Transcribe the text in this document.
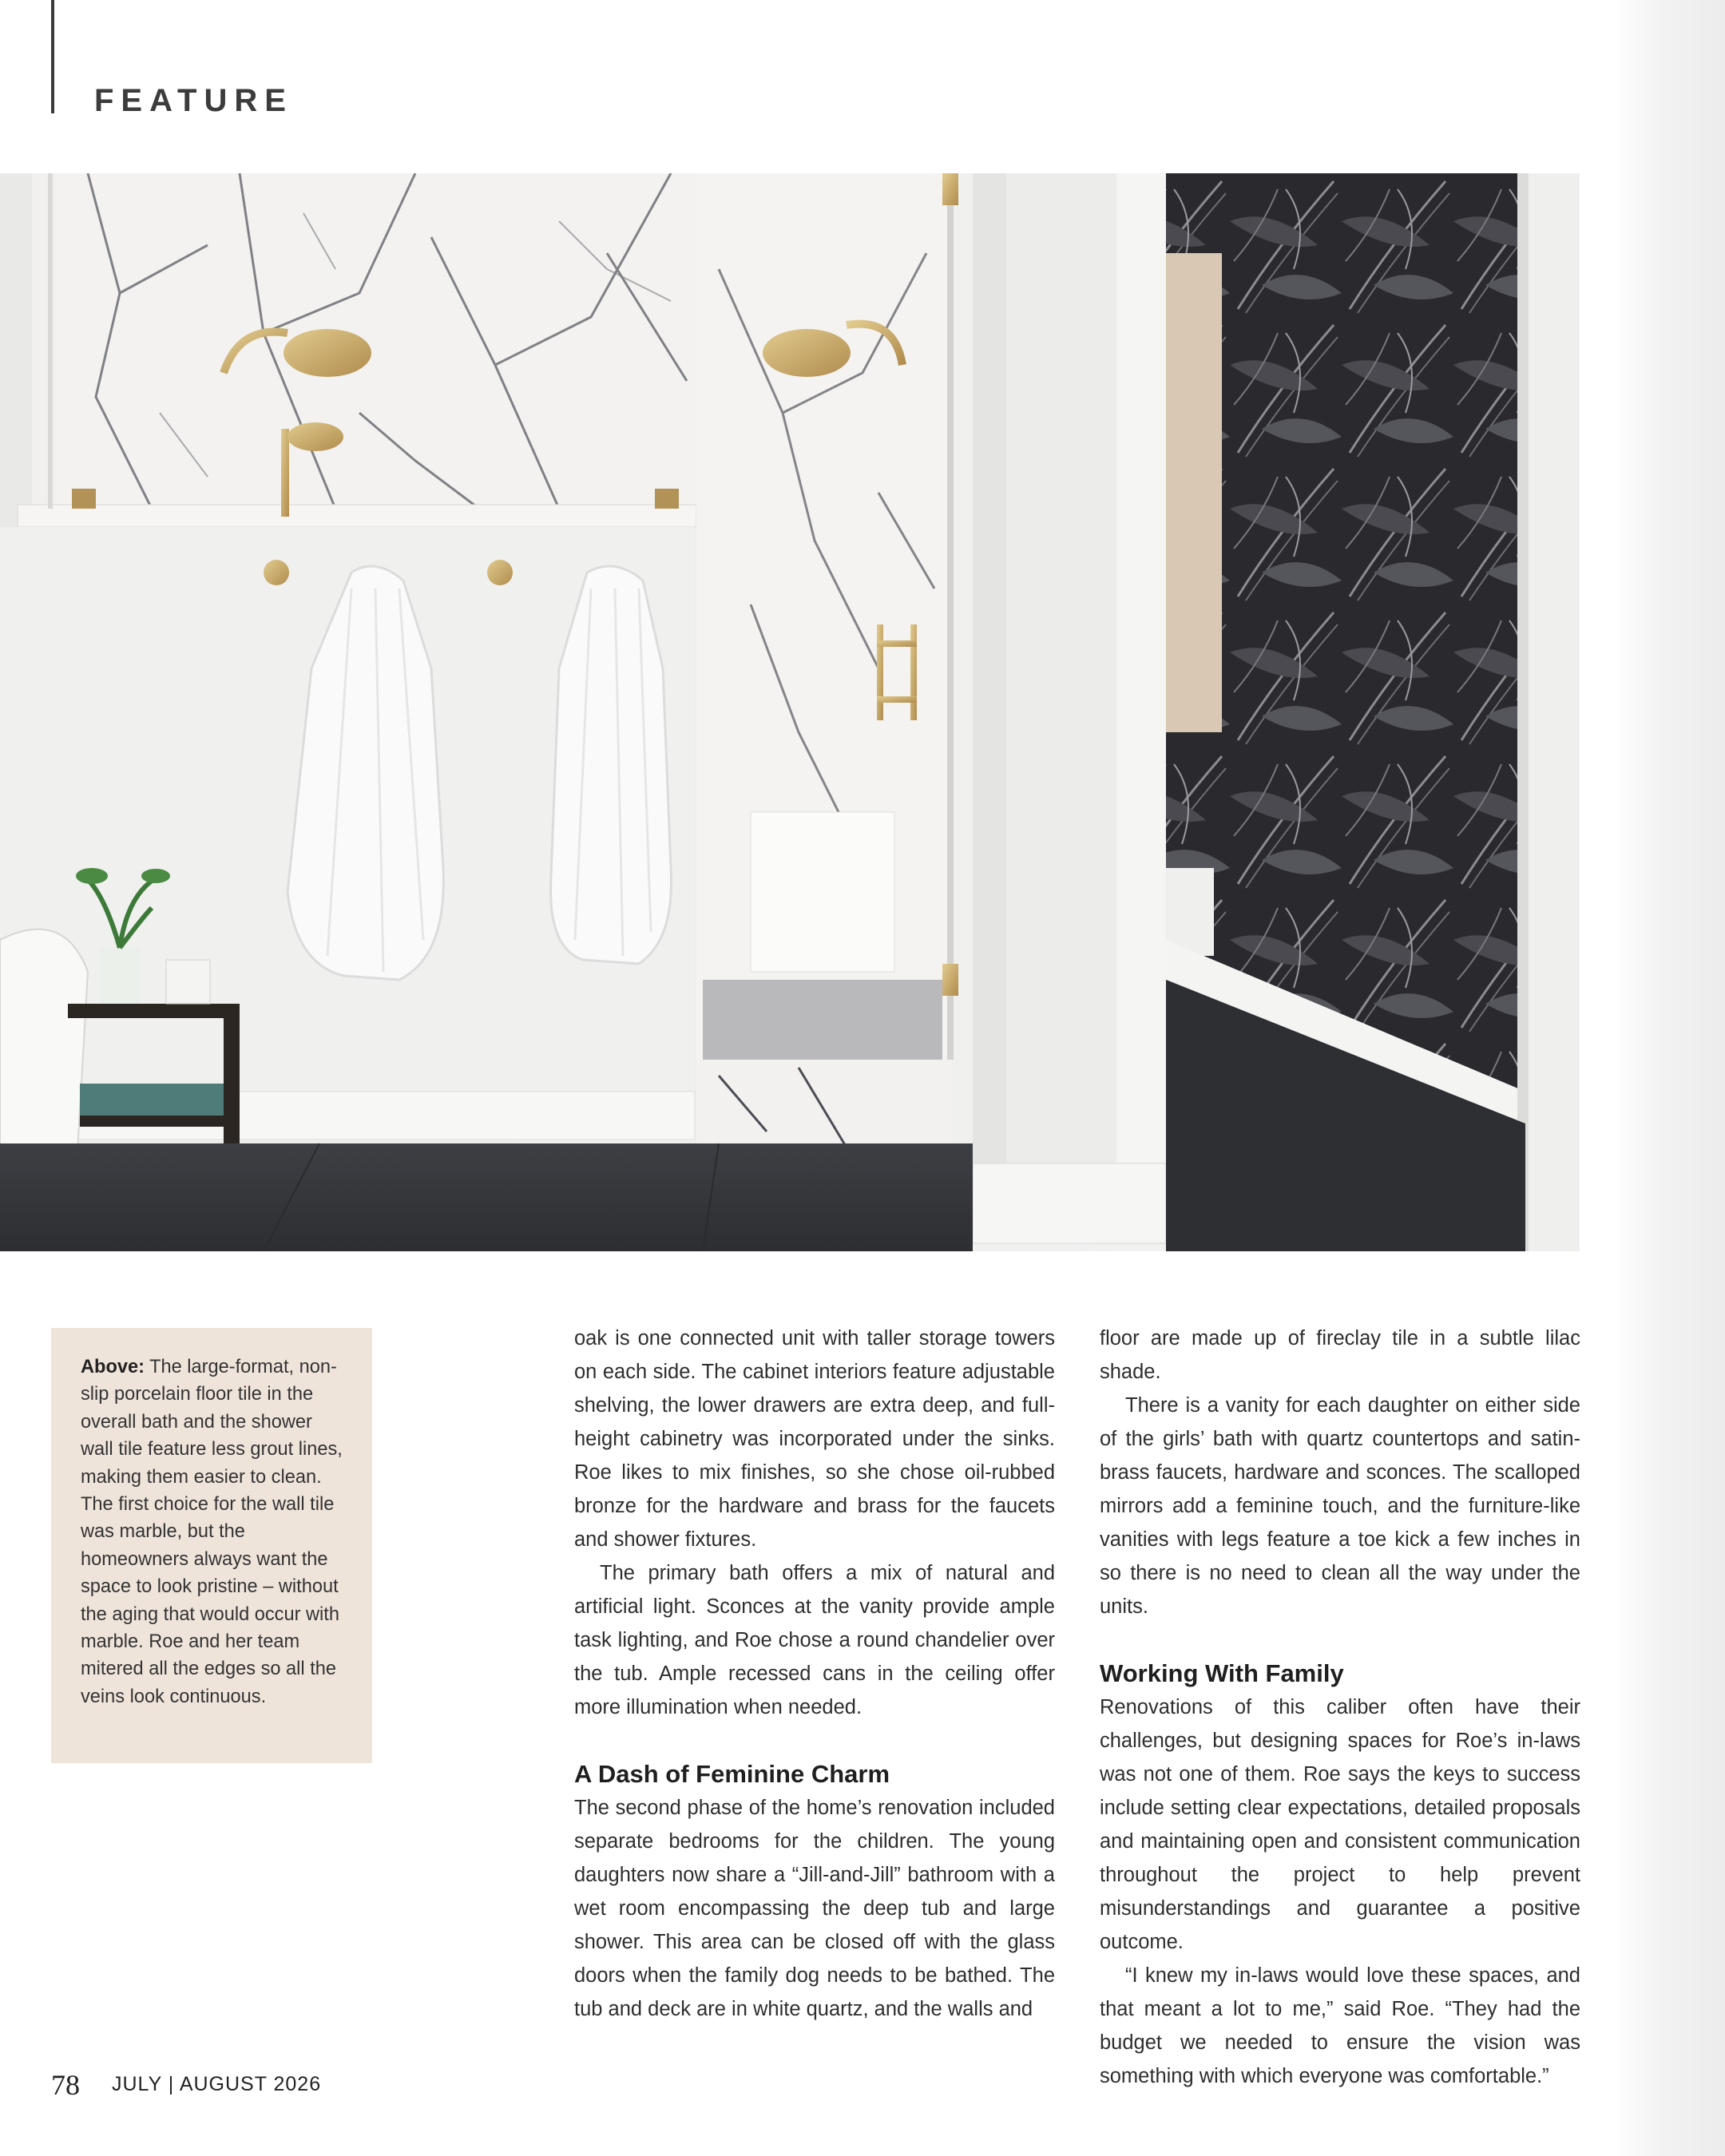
FEATURE
Above: The large-format, non-slip porcelain floor tile in the overall bath and the shower wall tile feature less grout lines, making them easier to clean. The first choice for the wall tile was marble, but the homeowners always want the space to look pristine – without the aging that would occur with marble. Roe and her team mitered all the edges so all the veins look continuous.

oak is one connected unit with taller storage towers on each side. The cabinet interiors feature adjustable shelving, the lower drawers are extra deep, and full-height cabinetry was incorporated under the sinks. Roe likes to mix finishes, so she chose oil-rubbed bronze for the hardware and brass for the faucets and shower fixtures.

The primary bath offers a mix of natural and artificial light. Sconces at the vanity provide ample task lighting, and Roe chose a round chandelier over the tub. Ample recessed cans in the ceiling offer more illumination when needed.

A Dash of Feminine Charm

The second phase of the home’s renovation included separate bedrooms for the children. The young daughters now share a “Jill-and-Jill” bathroom with a wet room encompassing the deep tub and large shower. This area can be closed off with the glass doors when the family dog needs to be bathed. The tub and deck are in white quartz, and the walls and

floor are made up of fireclay tile in a subtle lilac shade.

There is a vanity for each daughter on either side of the girls’ bath with quartz countertops and satin-brass faucets, hardware and sconces. The scalloped mirrors add a feminine touch, and the furniture-like vanities with legs feature a toe kick a few inches in so there is no need to clean all the way under the units.

Working With Family

Renovations of this caliber often have their challenges, but designing spaces for Roe’s in-laws was not one of them. Roe says the keys to success include setting clear expectations, detailed proposals and maintaining open and consistent communication throughout the project to help prevent misunderstandings and guarantee a positive outcome.

“I knew my in-laws would love these spaces, and that meant a lot to me,” said Roe. “They had the budget we needed to ensure the vision was something with which everyone was comfortable.”

78 JULY | AUGUST 2026
